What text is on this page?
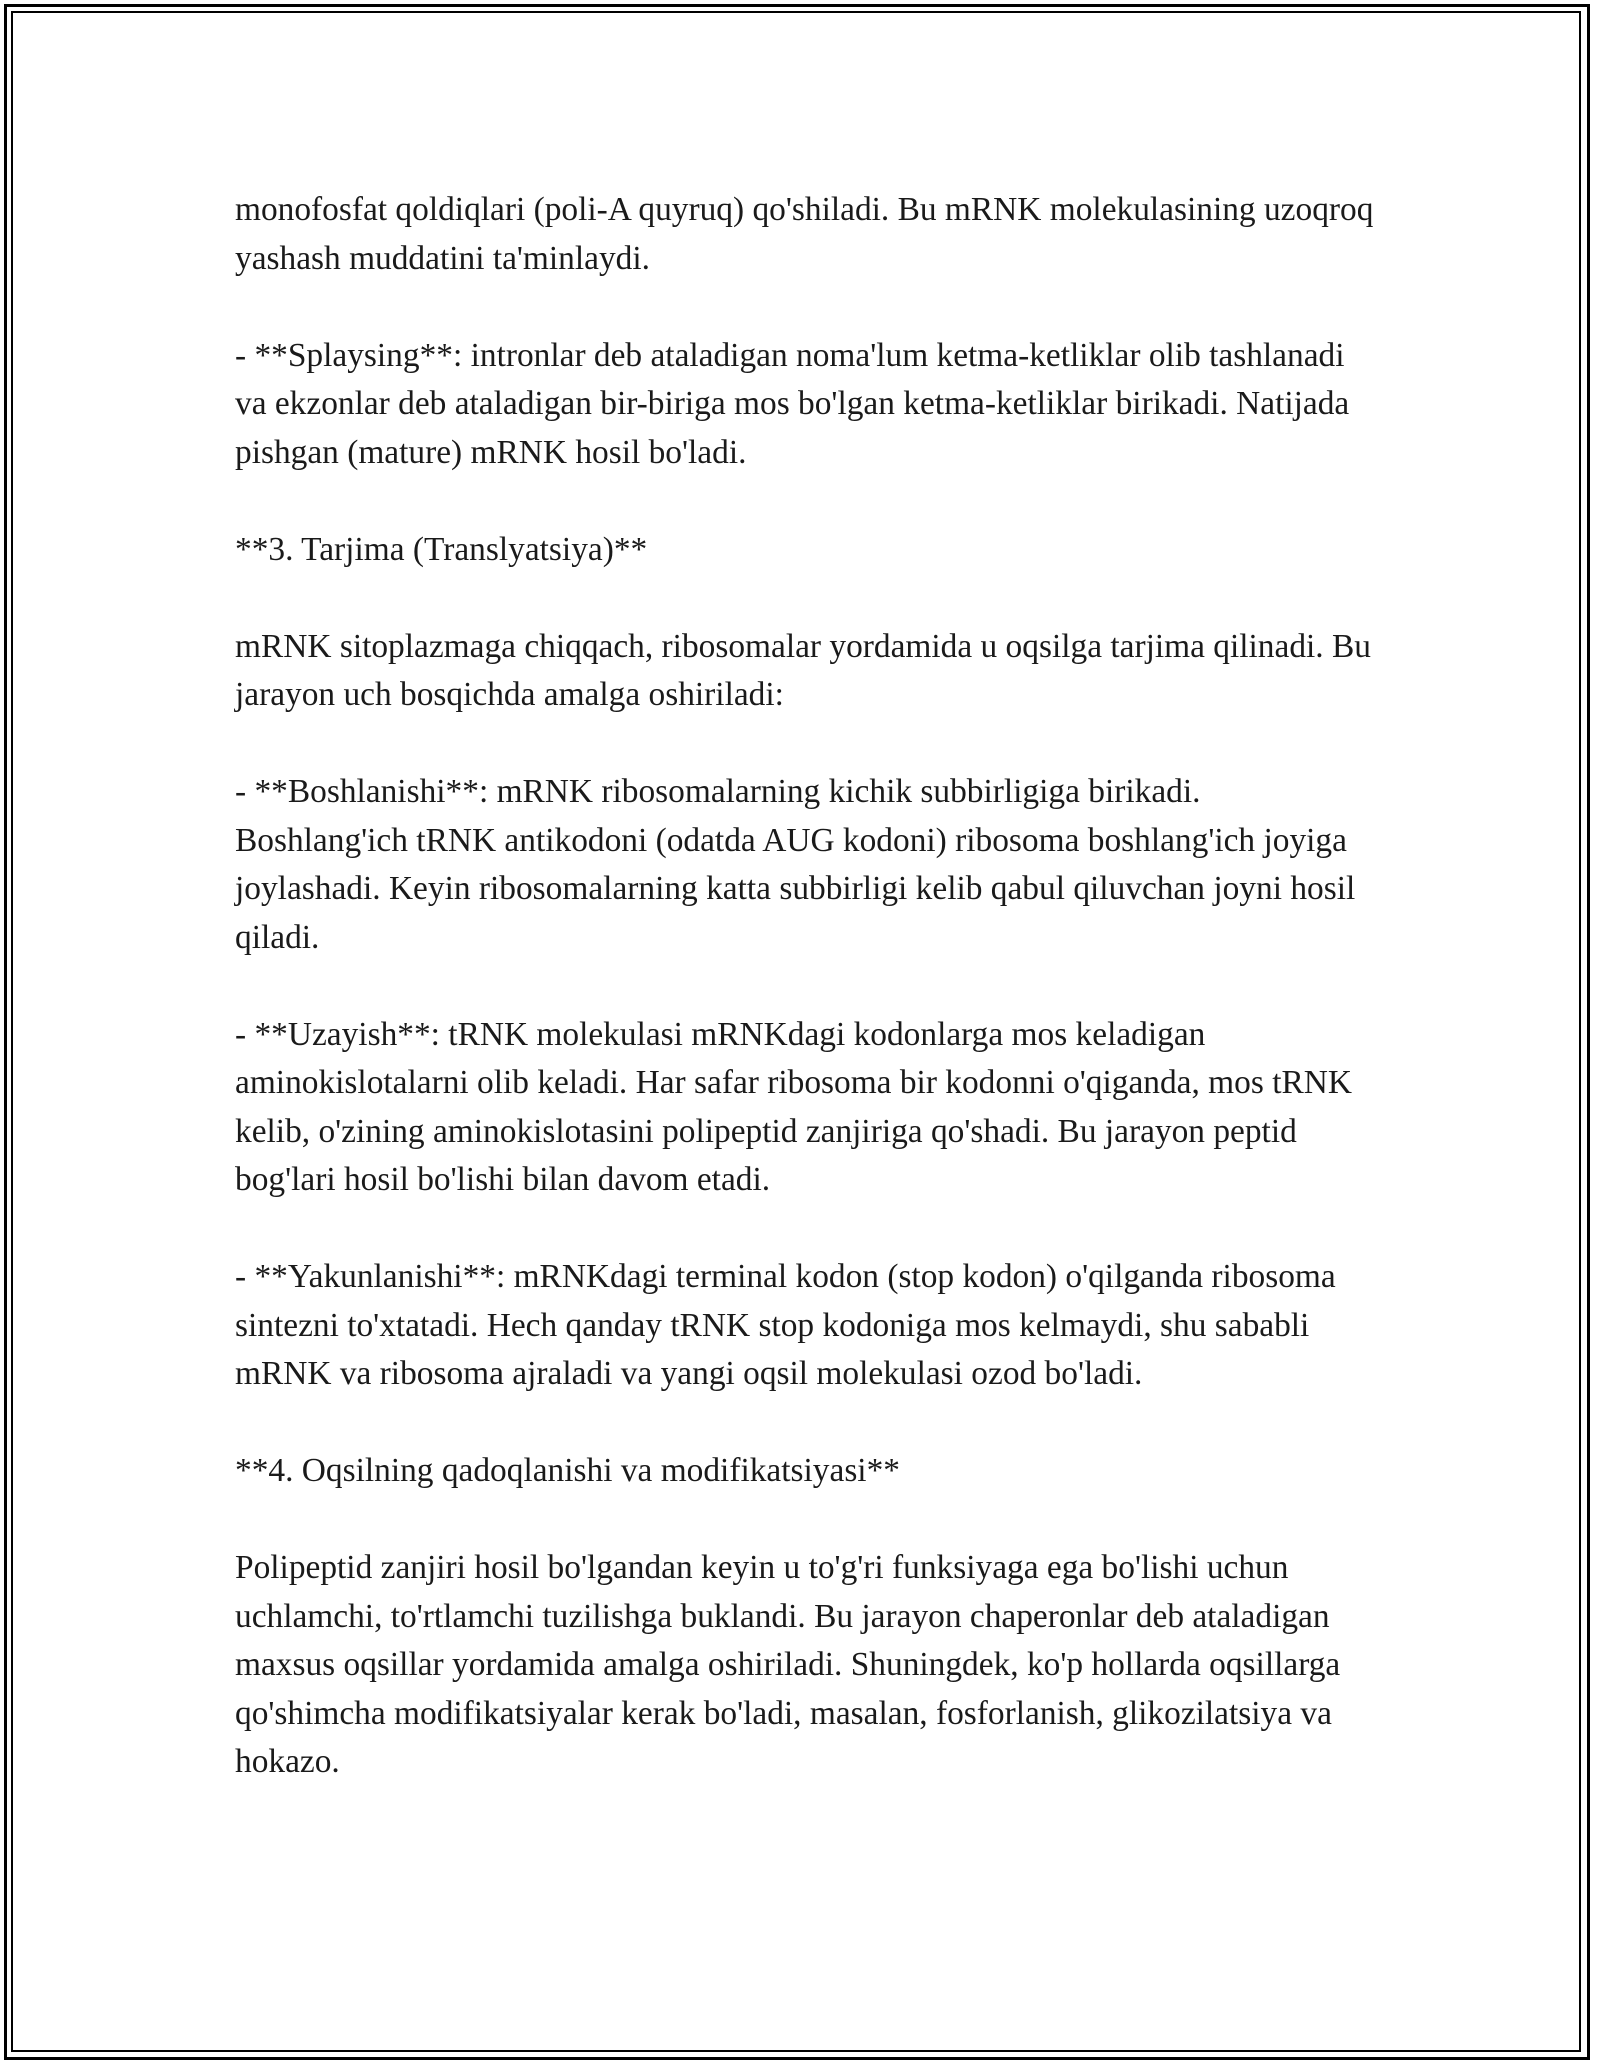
monofosfat qoldiqlari (poli-A quyruq) qo'shiladi. Bu mRNK molekulasining uzoqroq yashash muddatini ta'minlaydi.

- **Splaysing**: intronlar deb ataladigan noma'lum ketma-ketliklar olib tashlanadi va ekzonlar deb ataladigan bir-biriga mos bo'lgan ketma-ketliklar birikadi. Natijada pishgan (mature) mRNK hosil bo'ladi.

**3. Tarjima (Translyatsiya)**

mRNK sitoplazmaga chiqqach, ribosomalar yordamida u oqsilga tarjima qilinadi. Bu jarayon uch bosqichda amalga oshiriladi:

- **Boshlanishi**: mRNK ribosomalarning kichik subbirligiga birikadi. Boshlang'ich tRNK antikodoni (odatda AUG kodoni) ribosoma boshlang'ich joyiga joylashadi. Keyin ribosomalarning katta subbirligi kelib qabul qiluvchan joyni hosil qiladi.

- **Uzayish**: tRNK molekulasi mRNKdagi kodonlarga mos keladigan aminokislotalarni olib keladi. Har safar ribosoma bir kodonni o'qiganda, mos tRNK kelib, o'zining aminokislotasini polipeptid zanjiriga qo'shadi. Bu jarayon peptid bog'lari hosil bo'lishi bilan davom etadi.

- **Yakunlanishi**: mRNKdagi terminal kodon (stop kodon) o'qilganda ribosoma sintezni to'xtatadi. Hech qanday tRNK stop kodoniga mos kelmaydi, shu sababli mRNK va ribosoma ajraladi va yangi oqsil molekulasi ozod bo'ladi.

**4. Oqsilning qadoqlanishi va modifikatsiyasi**

Polipeptid zanjiri hosil bo'lgandan keyin u to'g'ri funksiyaga ega bo'lishi uchun uchlamchi, to'rtlamchi tuzilishga buklandi. Bu jarayon chaperonlar deb ataladigan maxsus oqsillar yordamida amalga oshiriladi. Shuningdek, ko'p hollarda oqsillarga qo'shimcha modifikatsiyalar kerak bo'ladi, masalan, fosforlanish, glikozilatsiya va hokazo.
